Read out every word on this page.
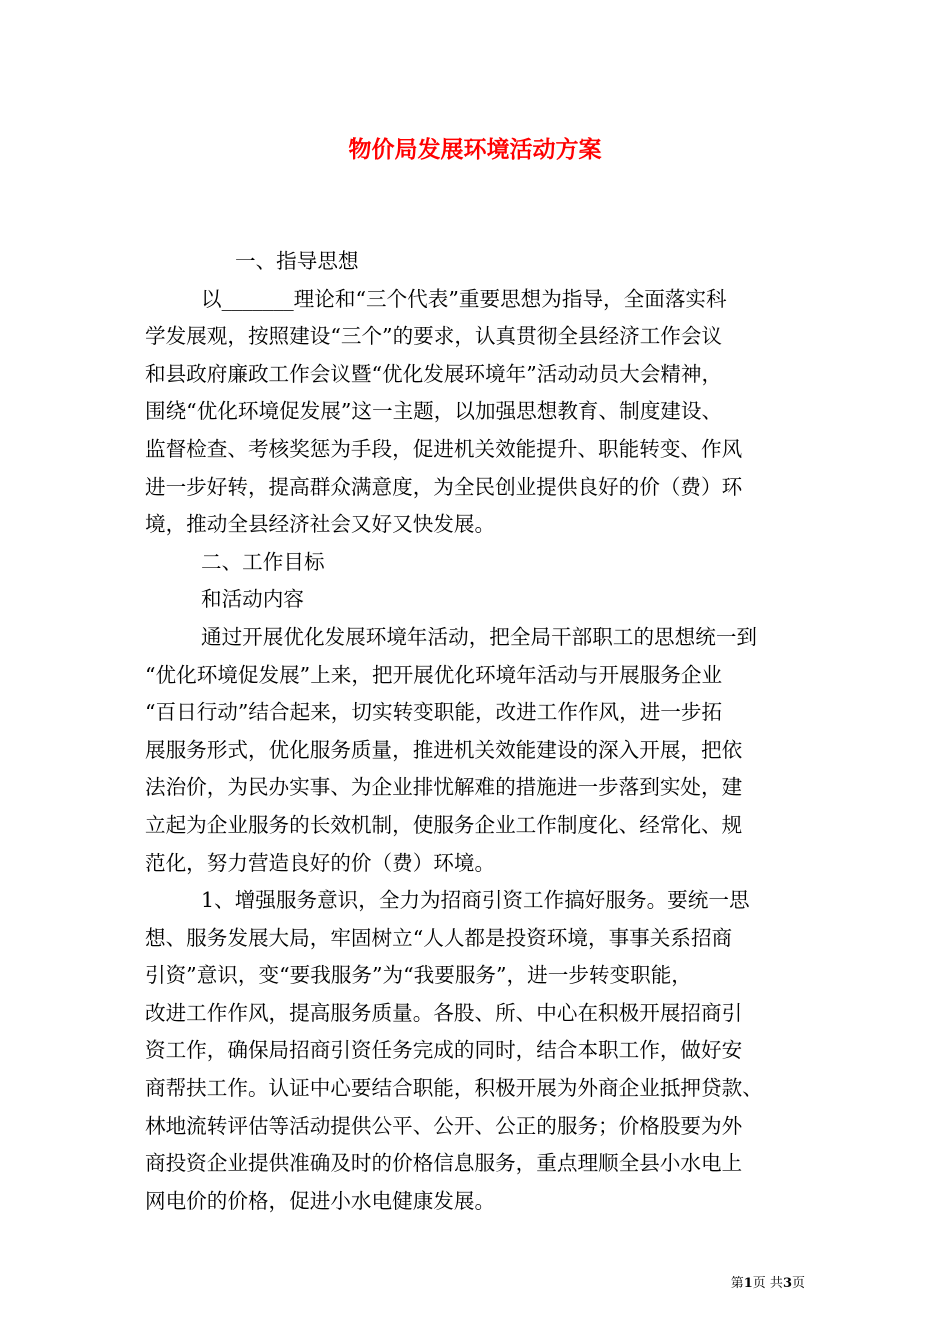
物价局发展环境活动方案

一、指导思想

以_______理论和“三个代表”重要思想为指导，全面落实科

学发展观，按照建设“三个”的要求，认真贯彻全县经济工作会议

和县政府廉政工作会议暨“优化发展环境年”活动动员大会精神，

围绕“优化环境促发展”这一主题，以加强思想教育、制度建设、

监督检查、考核奖惩为手段，促进机关效能提升、职能转变、作风

进一步好转，提高群众满意度，为全民创业提供良好的价（费）环

境，推动全县经济社会又好又快发展。

二、工作目标

和活动内容

通过开展优化发展环境年活动，把全局干部职工的思想统一到

“优化环境促发展”上来，把开展优化环境年活动与开展服务企业

“百日行动”结合起来，切实转变职能，改进工作作风，进一步拓

展服务形式，优化服务质量，推进机关效能建设的深入开展，把依

法治价，为民办实事、为企业排忧解难的措施进一步落到实处，建

立起为企业服务的长效机制，使服务企业工作制度化、经常化、规

范化，努力营造良好的价（费）环境。

1、增强服务意识，全力为招商引资工作搞好服务。要统一思

想、服务发展大局，牢固树立“人人都是投资环境，事事关系招商

引资”意识，变“要我服务”为“我要服务”，进一步转变职能，

改进工作作风，提高服务质量。各股、所、中心在积极开展招商引

资工作，确保局招商引资任务完成的同时，结合本职工作，做好安

商帮扶工作。认证中心要结合职能，积极开展为外商企业抵押贷款、

林地流转评估等活动提供公平、公开、公正的服务；价格股要为外

商投资企业提供准确及时的价格信息服务，重点理顺全县小水电上

网电价的价格，促进小水电健康发展。

第1页 共3页
